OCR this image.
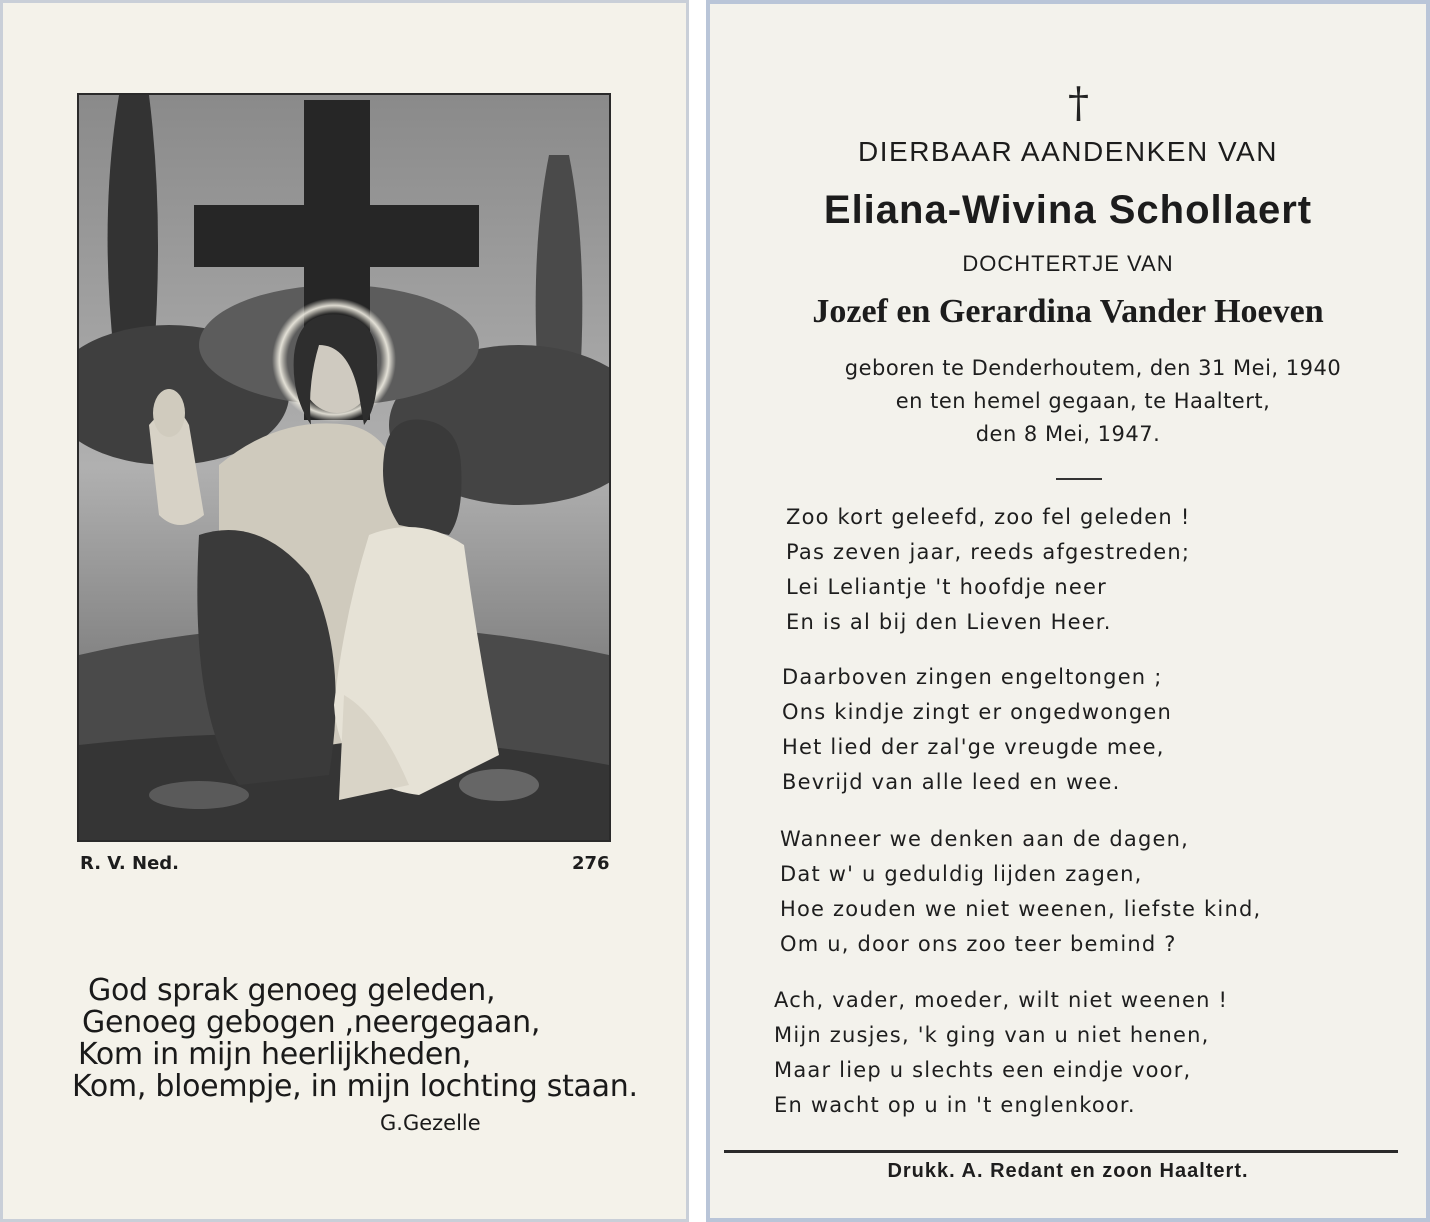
R. V. Ned.	276
God sprak genoeg geleden,
Genoeg gebogen ,neergegaan,
Kom in mijn heerlijkheden,
Kom, bloempje, in mijn lochting staan.
G.Gezelle
†
DIERBAAR AANDENKEN VAN
Eliana-Wivina Schollaert
DOCHTERTJE VAN
Jozef en Gerardina Vander Hoeven
geboren te Denderhoutem, den 31 Mei, 1940
en ten hemel gegaan, te Haaltert,
den 8 Mei, 1947.
Zoo kort geleefd, zoo fel geleden !
Pas zeven jaar, reeds afgestreden;
Lei Leliantje 't hoofdje neer
En is al bij den Lieven Heer.
Daarboven zingen engeltongen ;
Ons kindje zingt er ongedwongen
Het lied der zal'ge vreugde mee,
Bevrijd van alle leed en wee.
Wanneer we denken aan de dagen,
Dat w' u geduldig lijden zagen,
Hoe zouden we niet weenen, liefste kind,
Om u, door ons zoo teer bemind ?
Ach, vader, moeder, wilt niet weenen !
Mijn zusjes, 'k ging van u niet henen,
Maar liep u slechts een eindje voor,
En wacht op u in 't englenkoor.
Drukk. A. Redant en zoon Haaltert.
